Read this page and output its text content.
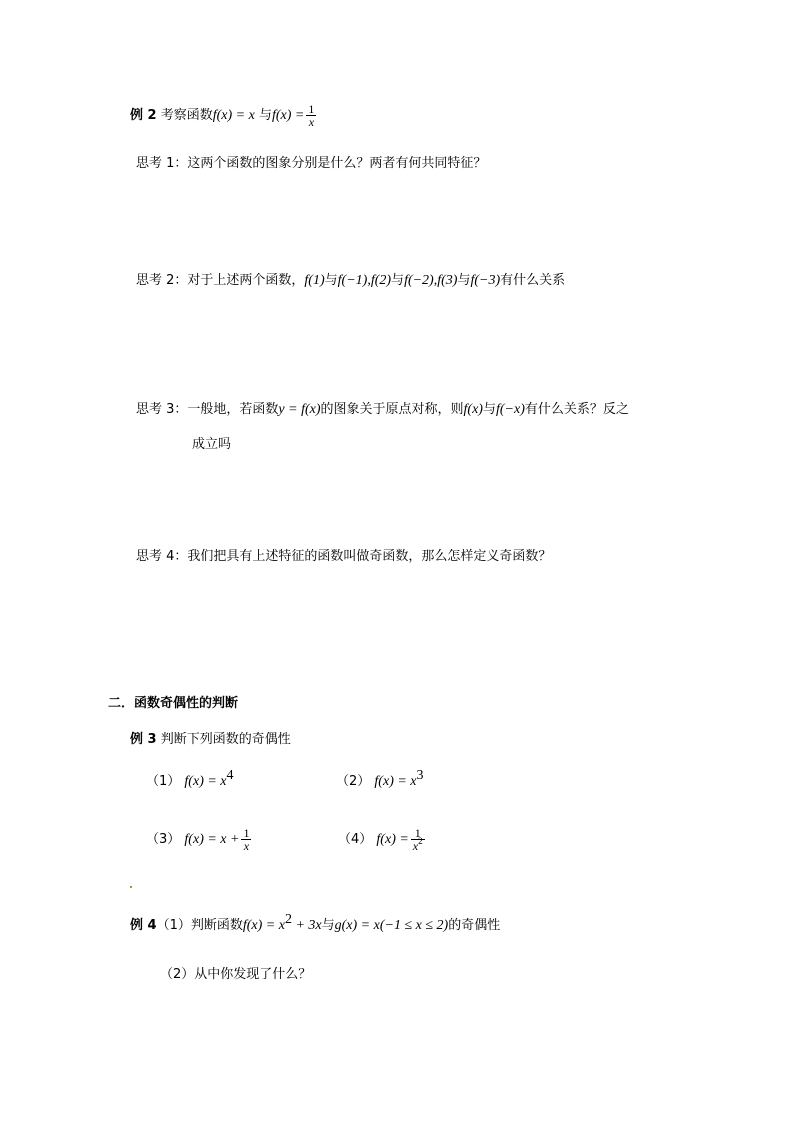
例 2 考察函数f(x) = x 与$f(x) = \frac{1}{x}$
思考 1：这两个函数的图象分别是什么？两者有何共同特征？
思考 2：对于上述两个函数，f(1)与f(−1),f(2)与f(−2),f(3)与f(−3)有什么关系
思考 3：一般地，若函数y = f(x)的图象关于原点对称，则f(x)与f(−x)有什么关系？反之
成立吗
思考 4：我们把具有上述特征的函数叫做奇函数，那么怎样定义奇函数？
二．函数奇偶性的判断
例 3 判断下列函数的奇偶性
（1） $f(x) = x^4$	（2） $f(x) = x^3$
（3） $f(x) = x + \frac{1}{x}$	（4） $f(x) = \frac{1}{x^2}$
例 4（1）判断函数$f(x) = x^2 + 3x$与g(x) = x(−1 ≤ x ≤ 2)的奇偶性
（2）从中你发现了什么？
